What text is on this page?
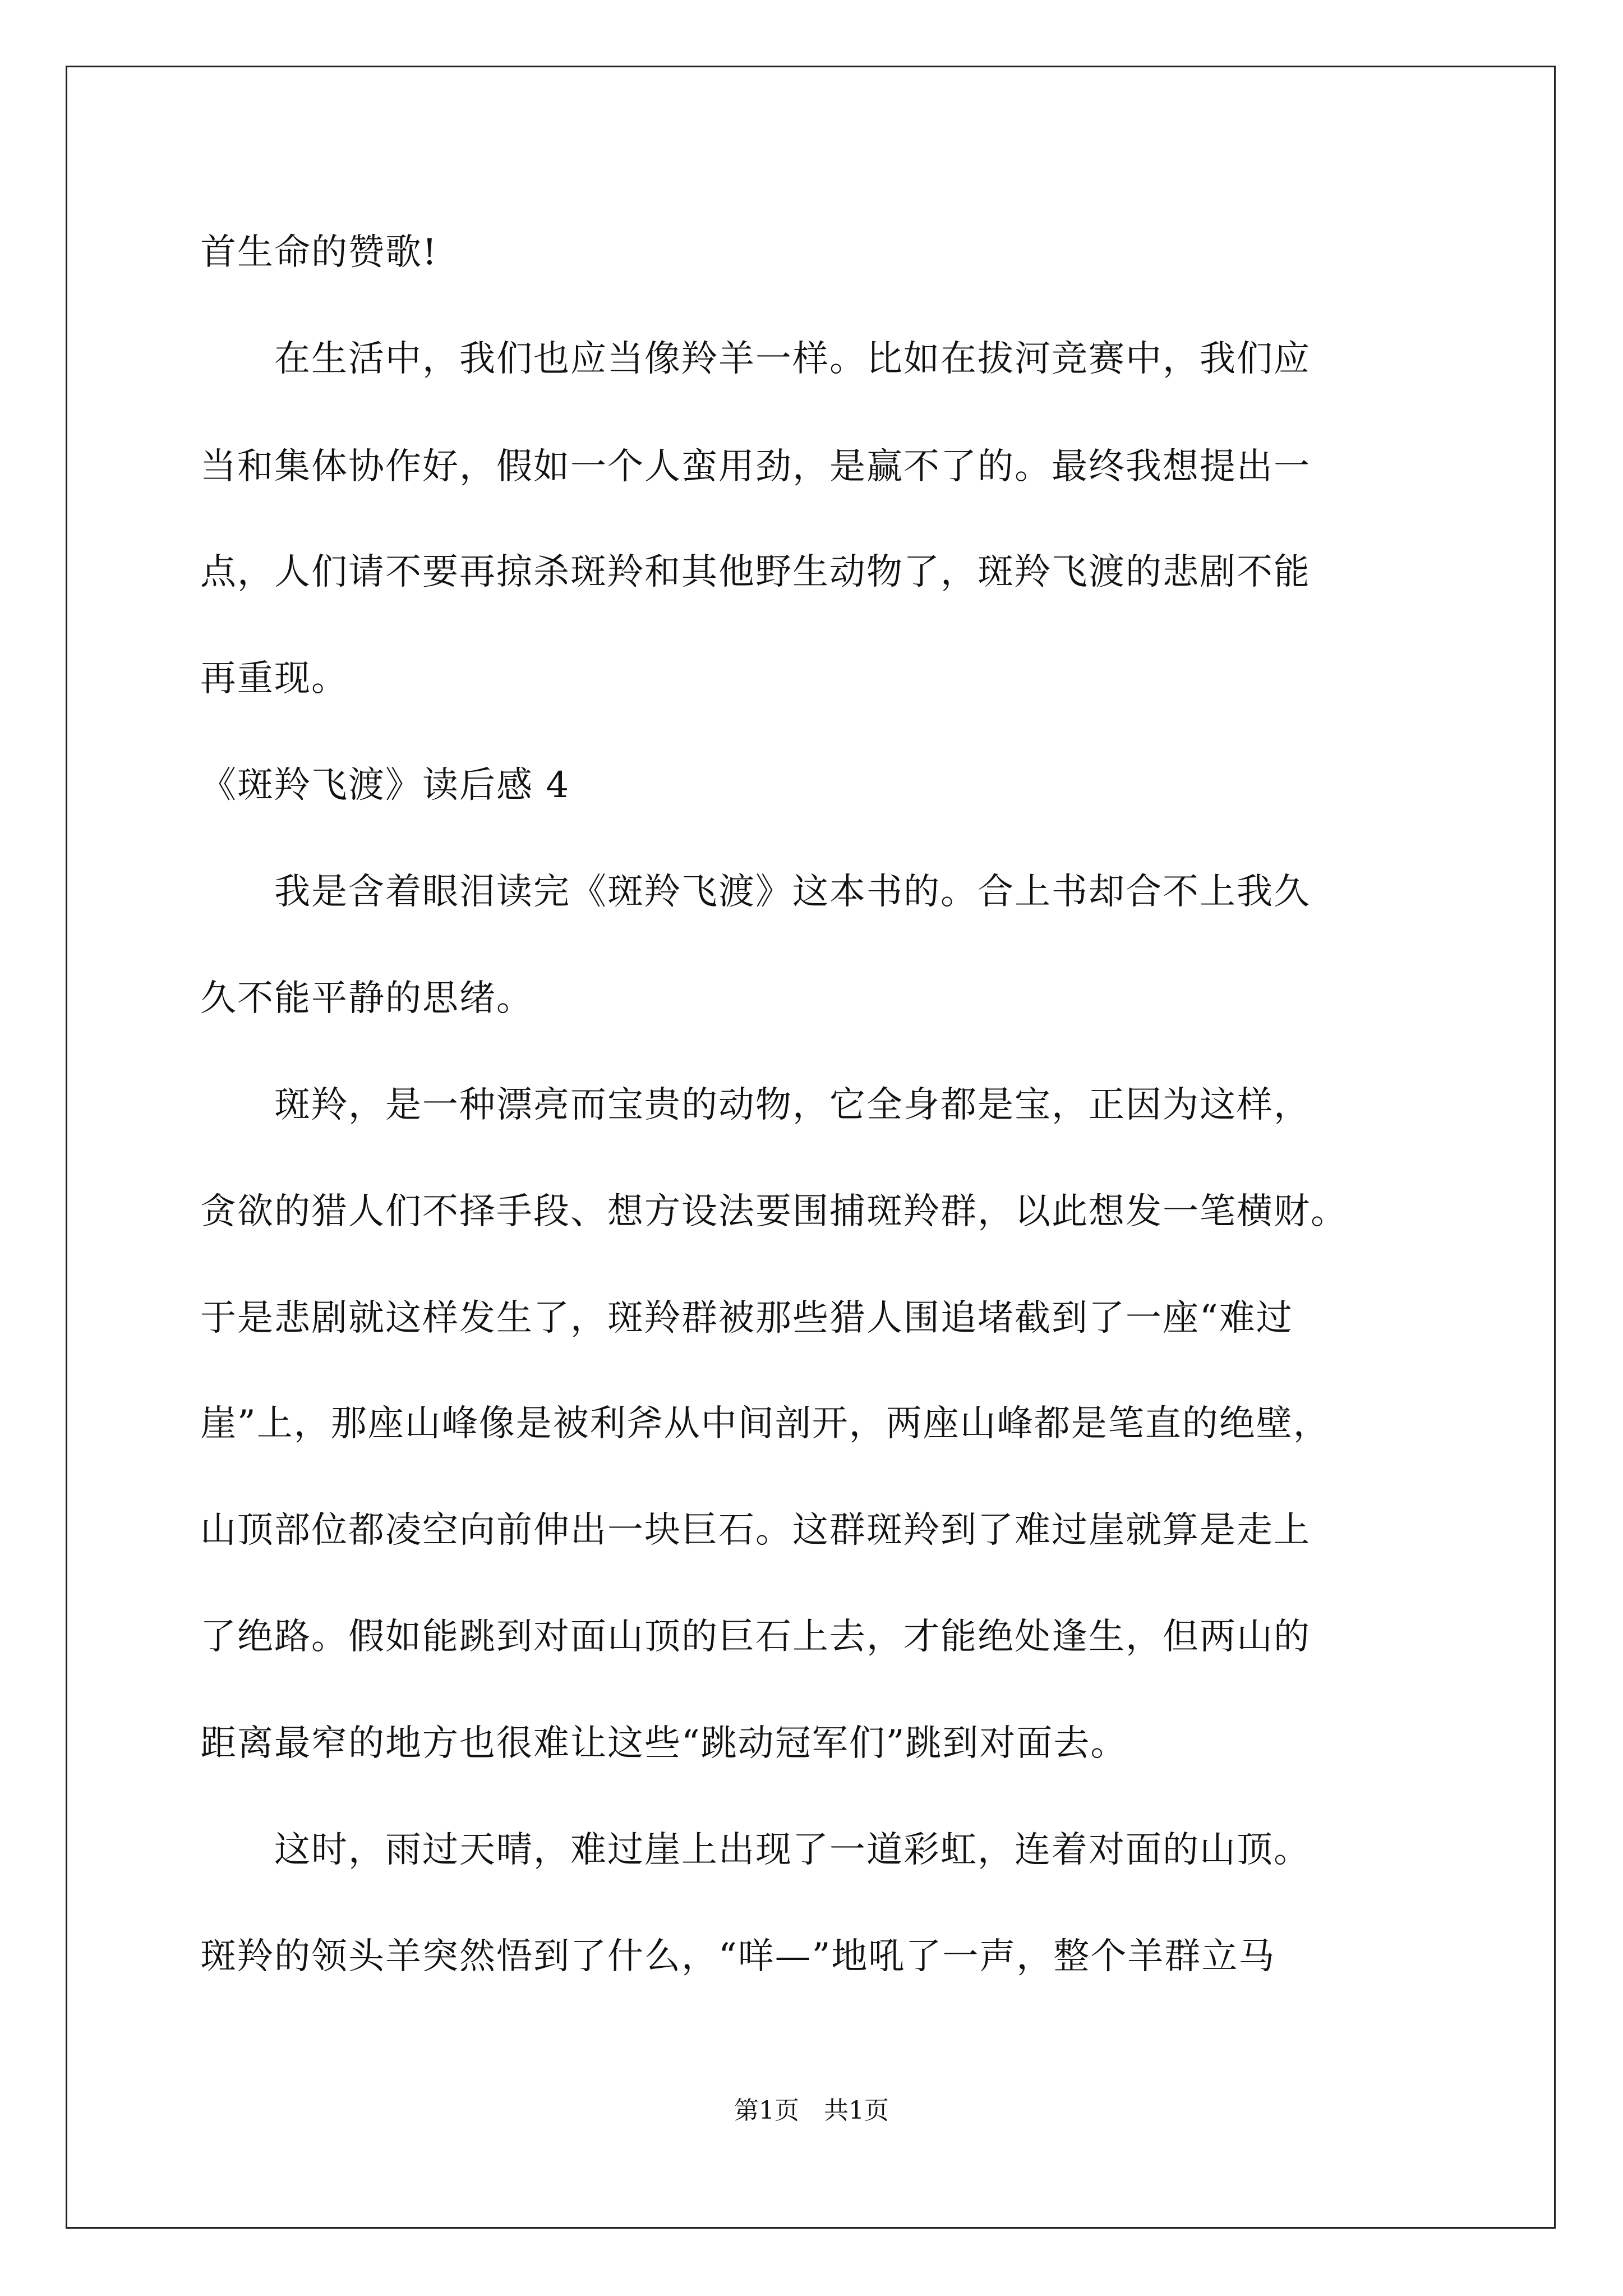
首生命的赞歌!
　　在生活中，我们也应当像羚羊一样。比如在拔河竞赛中，我们应
当和集体协作好，假如一个人蛮用劲，是赢不了的。最终我想提出一
点，人们请不要再掠杀斑羚和其他野生动物了，斑羚飞渡的悲剧不能
再重现。
《斑羚飞渡》读后感 4
　　我是含着眼泪读完《斑羚飞渡》这本书的。合上书却合不上我久
久不能平静的思绪。
　　斑羚，是一种漂亮而宝贵的动物，它全身都是宝，正因为这样，
贪欲的猎人们不择手段、想方设法要围捕斑羚群，以此想发一笔横财。
于是悲剧就这样发生了，斑羚群被那些猎人围追堵截到了一座“难过
崖”上，那座山峰像是被利斧从中间剖开，两座山峰都是笔直的绝壁，
山顶部位都凌空向前伸出一块巨石。这群斑羚到了难过崖就算是走上
了绝路。假如能跳到对面山顶的巨石上去，才能绝处逢生，但两山的
距离最窄的地方也很难让这些“跳动冠军们”跳到对面去。
　　这时，雨过天晴，难过崖上出现了一道彩虹，连着对面的山顶。
斑羚的领头羊突然悟到了什么，“咩—”地吼了一声，整个羊群立马
第1页　共1页
